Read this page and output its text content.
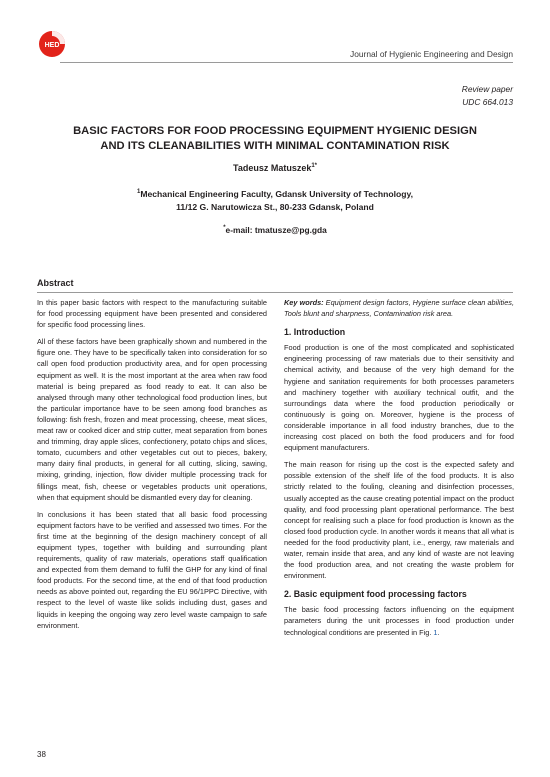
HED
Journal of Hygienic Engineering and Design
Review paper
UDC 664.013
BASIC FACTORS FOR FOOD PROCESSING EQUIPMENT HYGIENIC DESIGN
AND ITS CLEANABILITIES WITH MINIMAL CONTAMINATION RISK
Tadeusz Matuszek$^{1*}$
$^1$Mechanical Engineering Faculty, Gdansk University of Technology,
11/12 G. Narutowicza St., 80-233 Gdansk, Poland
*e-mail: tmatusze@pg.gda
Abstract

In this paper basic factors with respect to the manufacturing suitable for food processing equipment have been presented and considered for specific food processing lines.

All of these factors have been graphically shown and numbered in the figure one. They have to be specifically taken into consideration for so call open food production productivity area, and for open processing equipment as well. It is the most important at the area when raw food material is being prepared as food ready to eat. It can also be analysed through many other technological food production lines, but the particular importance have to be seen among food branches as following: fish fresh, frozen and meat processing, cheese, meat slices, meat raw or cooked dicer and strip cutter, meat separation from bones and trimming, dray apple slices, confectionery, potato chips and slices, tomato, cucumbers and other vegetables cut out to pieces, bakery, many dairy final products, in general for all cutting, slicing, sawing, mixing, grinding, injection, flow divider multiple processing track for fillings meat, fish, cheese or vegetables products unit operations, when that equipment should be dismantled every day for cleaning.

In conclusions it has been stated that all basic food processing equipment factors have to be verified and assessed two times. For the first time at the beginning of the design machinery concept of all equipment types, together with building and surrounding plant requirements, quality of raw materials, operations staff qualification and expected from them demand to fulfil the GHP for any kind of final food products. For the second time, at the end of that food production needs as above pointed out, regarding the EU 96/1PPC Directive, with respect to the level of waste like solids including dust, gases and liquids in keeping the ongoing way zero level waste campaign to safe environment.

Key words: Equipment design factors, Hygiene surface clean abilities, Tools blunt and sharpness, Contamination risk area.

1. Introduction

Food production is one of the most complicated and sophisticated engineering processing of raw materials due to their sensitivity and chemical activity, and because of the very high demand for the hygiene and sanitation requirements for both processes parameters and machinery together with auxiliary technical outfit, and the surroundings data where the food production periodically or continuously is going on. Moreover, hygiene is the process of considerable importance in all food industry branches, due to the increasing cost placed on both the food producers and for food equipment manufacturers.

The main reason for rising up the cost is the expected safety and possible extension of the shelf life of the food products. It is also strictly related to the fouling, cleaning and disinfection processes, usually accepted as the cause creating potential impact on the product quality, and food processing plant operational performance. The best concept for realising such a place for food production is known as the closed food production cycle. In another words it means that all what is needed for the food productivity plant, i.e., energy, raw materials and water, remain inside that area, and any kind of waste are not leaving the food production area, and not creating the waste problem for environment.

2. Basic equipment food processing factors

The basic food processing factors influencing on the equipment parameters during the unit processes in food production under technological conditions are presented in Fig. 1.

38
